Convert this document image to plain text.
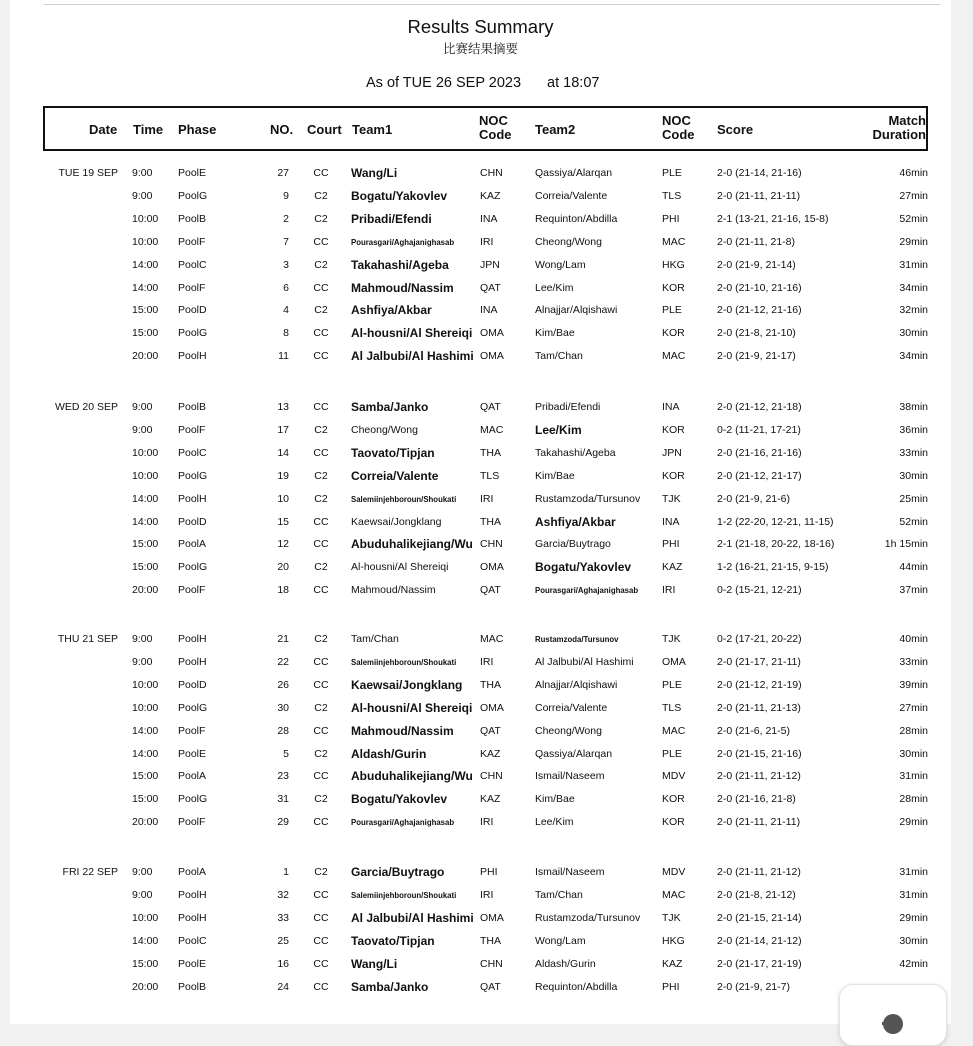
Results Summary
比赛结果摘要
As of TUE 26 SEP 2023 at 18:07
Date Time Phase	NO. Court Team1
NOC
Code Team2
NOC
Code Score
Match
Duration
TUE 19 SEP 9:00 PoolE	27	CC	Wang/Li	CHN	Qassiya/Alarqan	PLE	2-0 (21-14, 21-16)	46min
9:00 PoolG	9	C2	Bogatu/Yakovlev	KAZ	Correia/Valente	TLS	2-0 (21-11, 21-11)	27min
10:00 PoolB	2	C2	Pribadi/Efendi	INA	Requinton/Abdilla	PHI	2-1 (13-21, 21-16, 15-8)	52min
10:00 PoolF	7	CC	Pourasgari/Aghajanighasab IRI	Cheong/Wong	MAC	2-0 (21-11, 21-8)	29min
14:00 PoolC	3	C2	Takahashi/Ageba	JPN	Wong/Lam	HKG	2-0 (21-9, 21-14)	31min
14:00 PoolF	6	CC	Mahmoud/Nassim	QAT	Lee/Kim	KOR	2-0 (21-10, 21-16)	34min
15:00 PoolD	4	C2	Ashfiya/Akbar	INA	Alnajjar/Alqishawi	PLE	2-0 (21-12, 21-16)	32min
15:00 PoolG	8	CC	Al-housni/Al Shereiqi OMA	Kim/Bae	KOR	2-0 (21-8, 21-10)	30min
20:00 PoolH	11	CC	Al Jalbubi/Al Hashimi OMA	Tam/Chan	MAC	2-0 (21-9, 21-17)	34min
WED 20 SEP 9:00 PoolB	13	CC	Samba/Janko	QAT	Pribadi/Efendi	INA	2-0 (21-12, 21-18)	38min
9:00 PoolF	17	C2	Cheong/Wong	MAC	Lee/Kim	KOR	0-2 (11-21, 17-21)	36min
10:00 PoolC	14	CC	Taovato/Tipjan	THA	Takahashi/Ageba	JPN	2-0 (21-16, 21-16)	33min
10:00 PoolG	19	C2	Correia/Valente	TLS	Kim/Bae	KOR	2-0 (21-12, 21-17)	30min
14:00 PoolH	10	C2	Salemiinjehboroun/Shoukati IRI	Rustamzoda/Tursunov TJK	2-0 (21-9, 21-6)	25min
14:00 PoolD	15	CC	Kaewsai/Jongklang	THA	Ashfiya/Akbar	INA	1-2 (22-20, 12-21, 11-15)	52min
15:00 PoolA	12	CC	Abuduhalikejiang/Wu CHN	Garcia/Buytrago	PHI	2-1 (21-18, 20-22, 18-16)	1h 15min
15:00 PoolG	20	C2	Al-housni/Al Shereiqi	OMA	Bogatu/Yakovlev	KAZ	1-2 (16-21, 21-15, 9-15)	44min
20:00 PoolF	18	CC	Mahmoud/Nassim	QAT	Pourasgari/Aghajanighasab IRI	0-2 (15-21, 12-21)	37min
THU 21 SEP 9:00 PoolH	21	C2	Tam/Chan	MAC	Rustamzoda/Tursunov	TJK	0-2 (17-21, 20-22)	40min
9:00 PoolH	22	CC	Salemiinjehboroun/Shoukati IRI	Al Jalbubi/Al Hashimi	OMA	2-0 (21-17, 21-11)	33min
10:00 PoolD	26	CC	Kaewsai/Jongklang THA	Alnajjar/Alqishawi	PLE	2-0 (21-12, 21-19)	39min
10:00 PoolG	30	C2	Al-housni/Al Shereiqi OMA	Correia/Valente	TLS	2-0 (21-11, 21-13)	27min
14:00 PoolF	28	CC	Mahmoud/Nassim	QAT	Cheong/Wong	MAC	2-0 (21-6, 21-5)	28min
14:00 PoolE	5	C2	Aldash/Gurin	KAZ	Qassiya/Alarqan	PLE	2-0 (21-15, 21-16)	30min
15:00 PoolA	23	CC	Abuduhalikejiang/Wu CHN	Ismail/Naseem	MDV	2-0 (21-11, 21-12)	31min
15:00 PoolG	31	C2	Bogatu/Yakovlev	KAZ	Kim/Bae	KOR	2-0 (21-16, 21-8)	28min
20:00 PoolF	29	CC	Pourasgari/Aghajanighasab IRI	Lee/Kim	KOR	2-0 (21-11, 21-11)	29min
FRI 22 SEP 9:00 PoolA	1	C2	Garcia/Buytrago	PHI	Ismail/Naseem	MDV	2-0 (21-11, 21-12)	31min
9:00 PoolH	32	CC	Salemiinjehboroun/Shoukati IRI	Tam/Chan	MAC	2-0 (21-8, 21-12)	31min
10:00 PoolH	33	CC	Al Jalbubi/Al Hashimi OMA	Rustamzoda/Tursunov TJK	2-0 (21-15, 21-14)	29min
14:00 PoolC	25	CC	Taovato/Tipjan	THA	Wong/Lam	HKG	2-0 (21-14, 21-12)	30min
15:00 PoolE	16	CC	Wang/Li	CHN	Aldash/Gurin	KAZ	2-0 (21-17, 21-19)	42min
20:00 PoolB	24	CC	Samba/Janko	QAT	Requinton/Abdilla	PHI	2-0 (21-9, 21-7)
